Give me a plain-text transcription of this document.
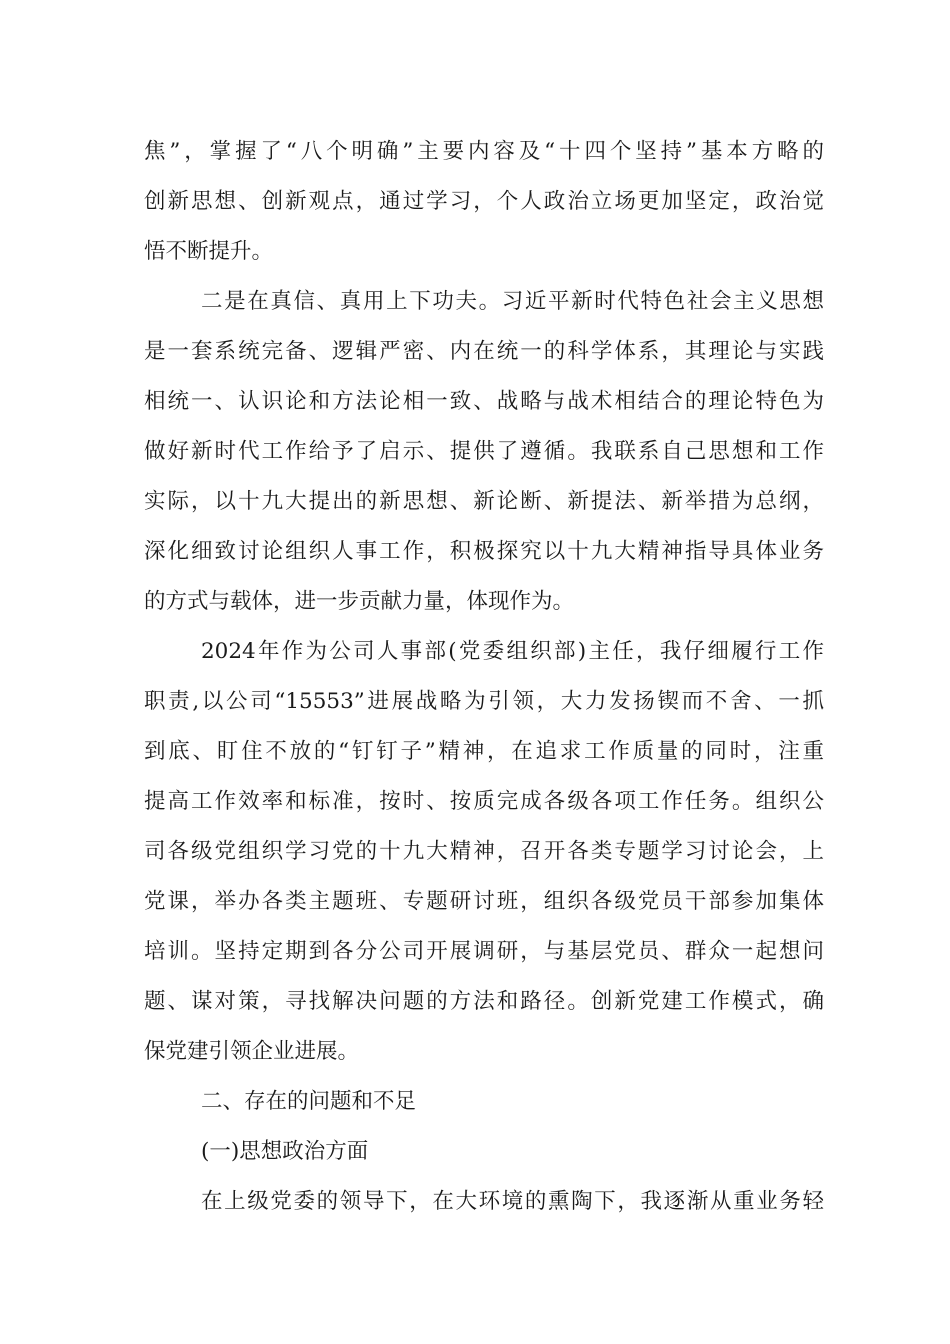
焦”，掌握了“八个明确”主要内容及“十四个坚持”基本方略的
创新思想、创新观点，通过学习，个人政治立场更加坚定，政治觉
悟不断提升。
二是在真信、真用上下功夫。习近平新时代特色社会主义思想
是一套系统完备、逻辑严密、内在统一的科学体系，其理论与实践
相统一、认识论和方法论相一致、战略与战术相结合的理论特色为
做好新时代工作给予了启示、提供了遵循。我联系自己思想和工作
实际，以十九大提出的新思想、新论断、新提法、新举措为总纲，
深化细致讨论组织人事工作，积极探究以十九大精神指导具体业务
的方式与载体，进一步贡献力量，体现作为。
2024年作为公司人事部(党委组织部)主任，我仔细履行工作
职责,以公司“15553”进展战略为引领，大力发扬锲而不舍、一抓
到底、盯住不放的“钉钉子”精神，在追求工作质量的同时，注重
提高工作效率和标准，按时、按质完成各级各项工作任务。组织公
司各级党组织学习党的十九大精神，召开各类专题学习讨论会，上
党课，举办各类主题班、专题研讨班，组织各级党员干部参加集体
培训。坚持定期到各分公司开展调研，与基层党员、群众一起想问
题、谋对策，寻找解决问题的方法和路径。创新党建工作模式，确
保党建引领企业进展。
二、存在的问题和不足
(一)思想政治方面
在上级党委的领导下，在大环境的熏陶下，我逐渐从重业务轻
